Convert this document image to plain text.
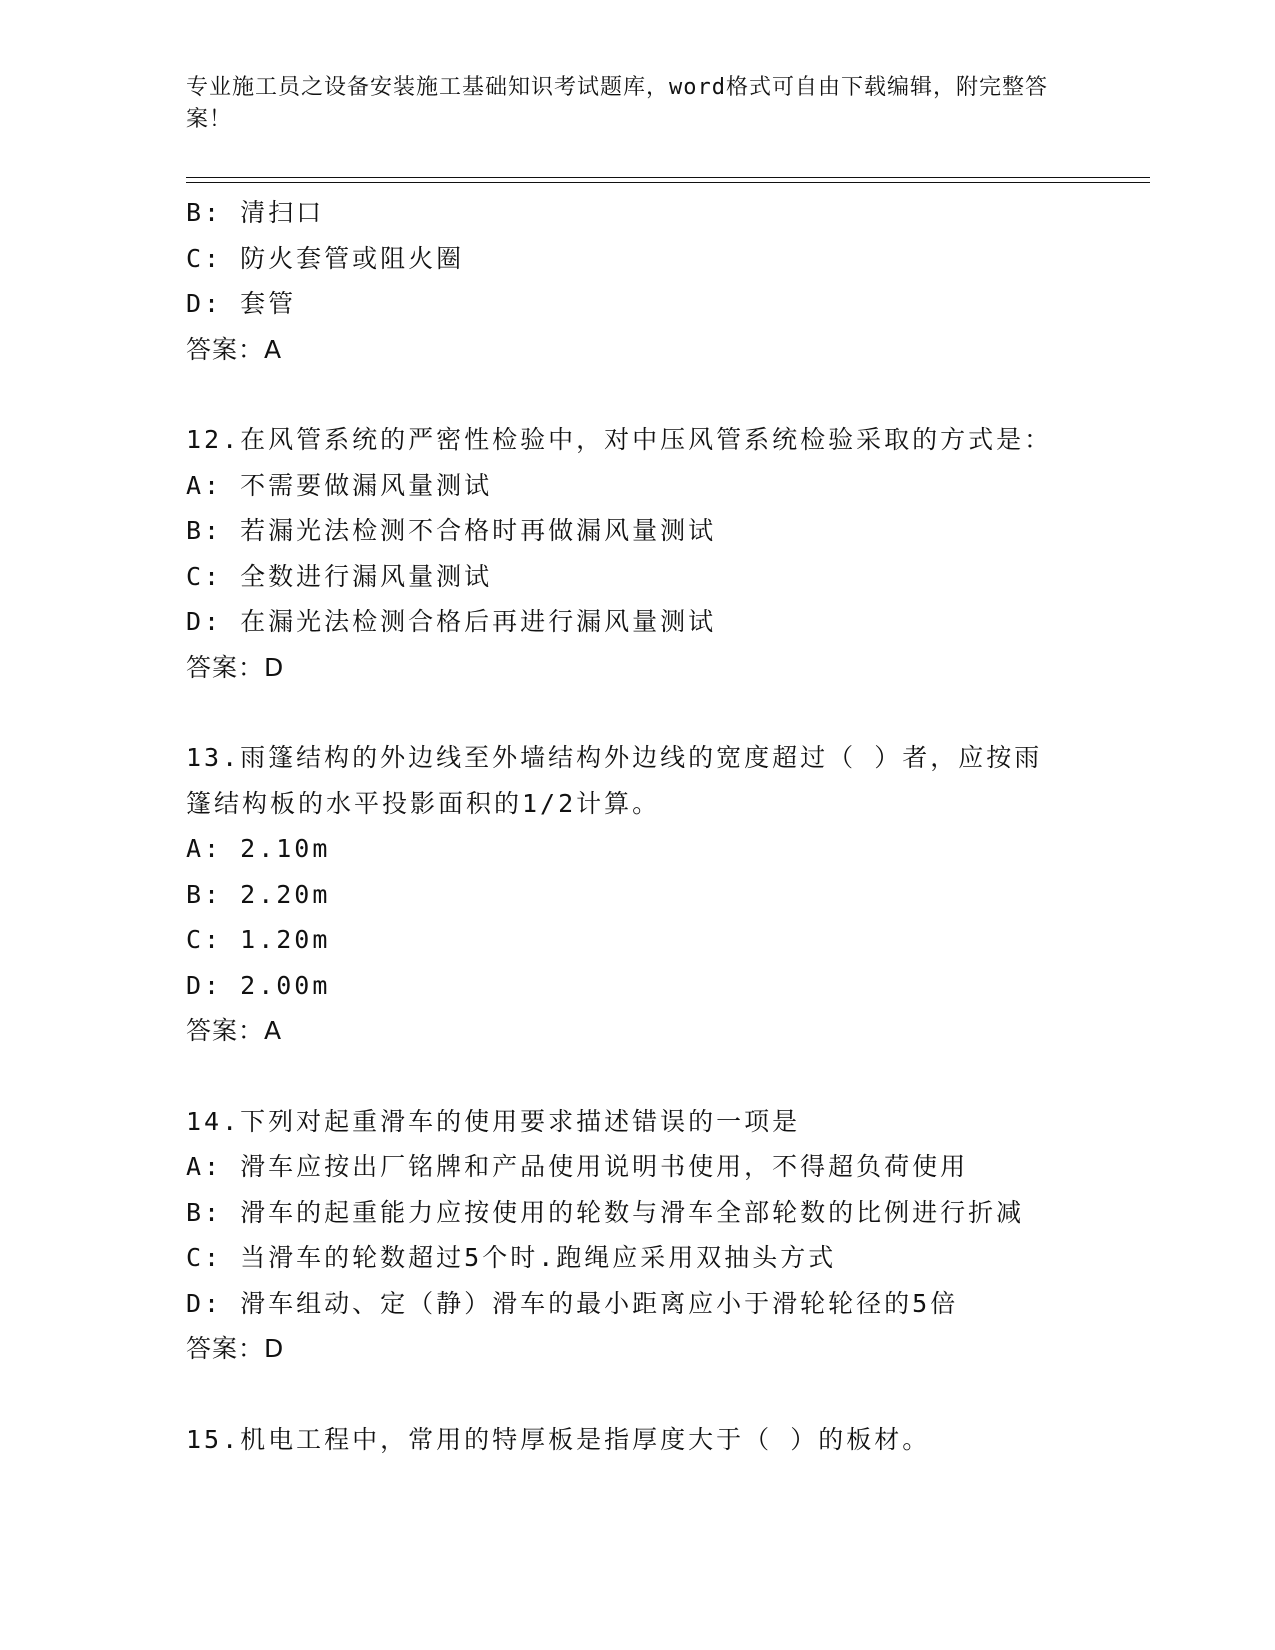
专业施工员之设备安装施工基础知识考试题库，word格式可自由下载编辑，附完整答案！
B: 清扫口
C: 防火套管或阻火圈
D: 套管
答案：A
12.在风管系统的严密性检验中，对中压风管系统检验采取的方式是：
A: 不需要做漏风量测试
B: 若漏光法检测不合格时再做漏风量测试
C: 全数进行漏风量测试
D: 在漏光法检测合格后再进行漏风量测试
答案：D
13.雨篷结构的外边线至外墙结构外边线的宽度超过（ ）者，应按雨篷结构板的水平投影面积的1/2计算。
A: 2.10m
B: 2.20m
C: 1.20m
D: 2.00m
答案：A
14.下列对起重滑车的使用要求描述错误的一项是
A: 滑车应按出厂铭牌和产品使用说明书使用，不得超负荷使用
B: 滑车的起重能力应按使用的轮数与滑车全部轮数的比例进行折减
C: 当滑车的轮数超过5个时.跑绳应采用双抽头方式
D: 滑车组动、定（静）滑车的最小距离应小于滑轮轮径的5倍
答案：D
15.机电工程中，常用的特厚板是指厚度大于（ ）的板材。
